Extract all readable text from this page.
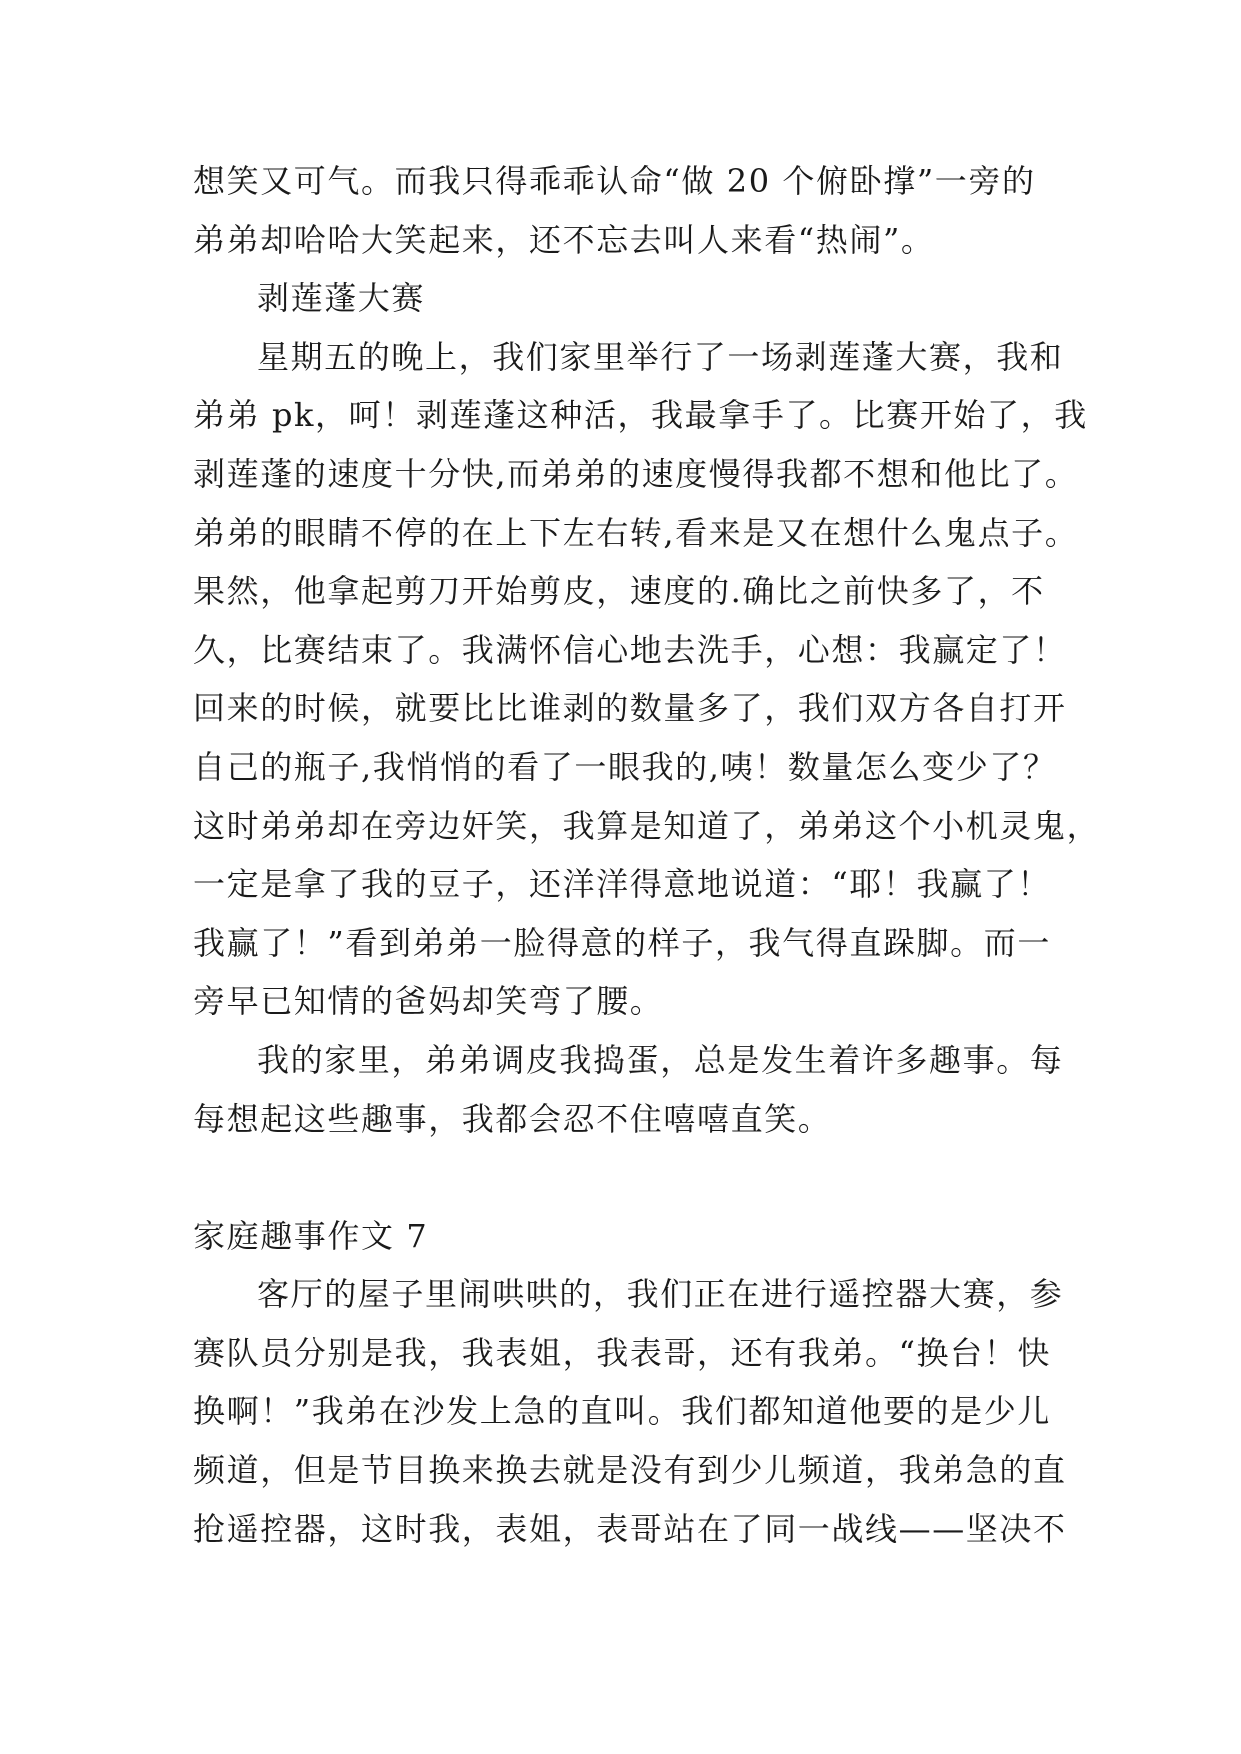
想笑又可气。而我只得乖乖认命“做 20 个俯卧撑”一旁的
弟弟却哈哈大笑起来，还不忘去叫人来看“热闹”。
剥莲蓬大赛
星期五的晚上，我们家里举行了一场剥莲蓬大赛，我和
弟弟 pk，呵！剥莲蓬这种活，我最拿手了。比赛开始了，我
剥莲蓬的速度十分快,而弟弟的速度慢得我都不想和他比了。
弟弟的眼睛不停的在上下左右转,看来是又在想什么鬼点子。
果然，他拿起剪刀开始剪皮，速度的.确比之前快多了，不
久，比赛结束了。我满怀信心地去洗手，心想：我赢定了！
回来的时候，就要比比谁剥的数量多了，我们双方各自打开
自己的瓶子,我悄悄的看了一眼我的,咦！数量怎么变少了？
这时弟弟却在旁边奸笑，我算是知道了，弟弟这个小机灵鬼，
一定是拿了我的豆子，还洋洋得意地说道：“耶！我赢了！
我赢了！”看到弟弟一脸得意的样子，我气得直跺脚。而一
旁早已知情的爸妈却笑弯了腰。
我的家里，弟弟调皮我捣蛋，总是发生着许多趣事。每
每想起这些趣事，我都会忍不住嘻嘻直笑。
家庭趣事作文 7
客厅的屋子里闹哄哄的，我们正在进行遥控器大赛，参
赛队员分别是我，我表姐，我表哥，还有我弟。“换台！快
换啊！”我弟在沙发上急的直叫。我们都知道他要的是少儿
频道，但是节目换来换去就是没有到少儿频道，我弟急的直
抢遥控器，这时我，表姐，表哥站在了同一战线——坚决不
